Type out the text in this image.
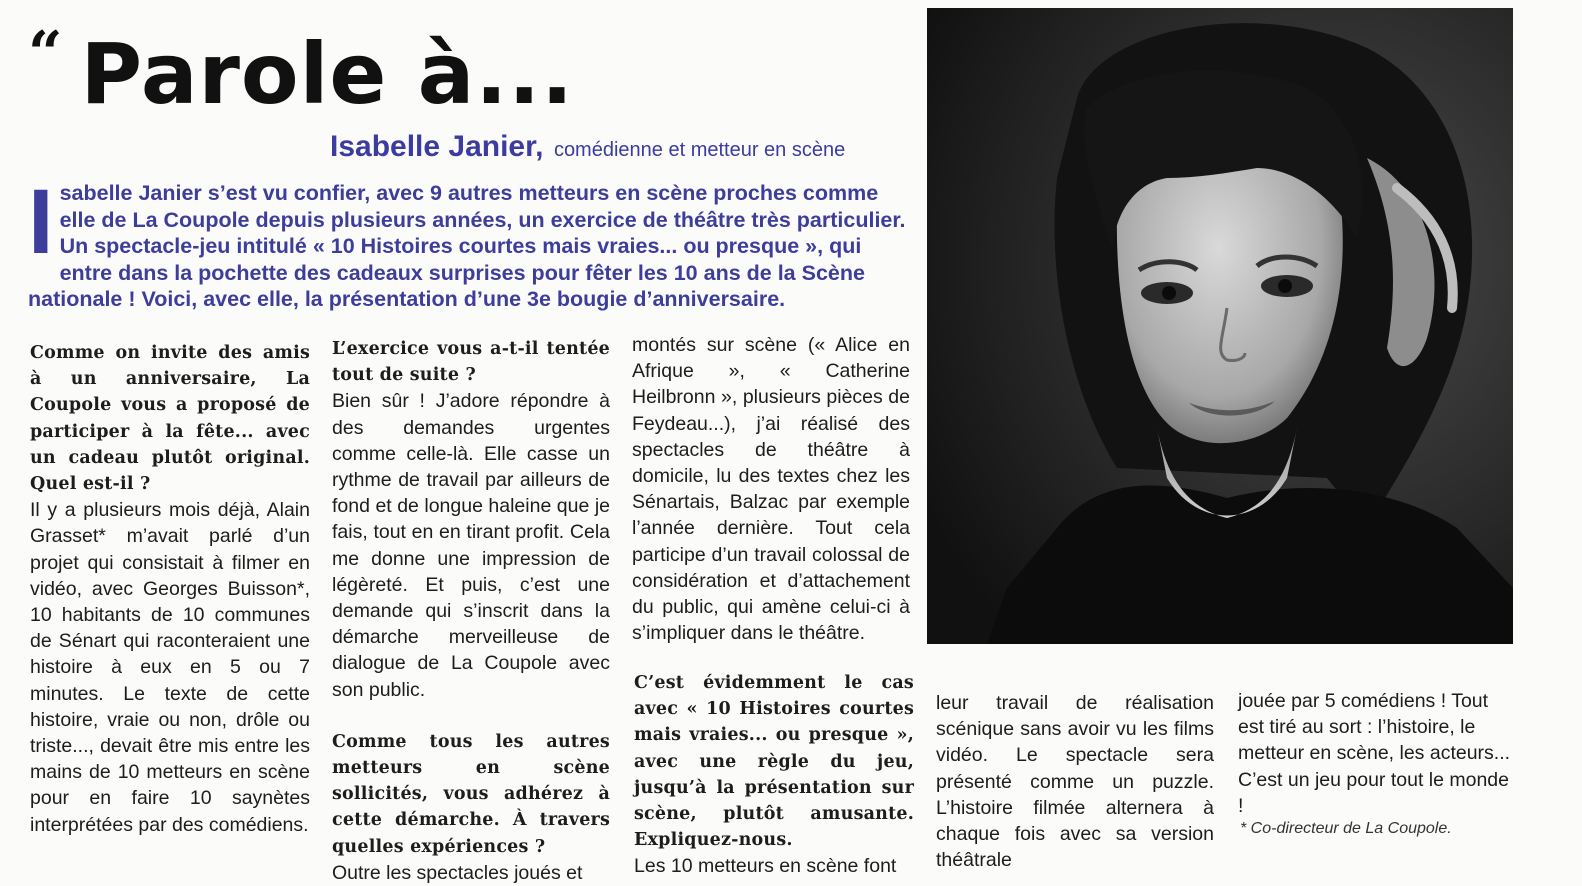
“ Parole à...
Isabelle Janier, comédienne et metteur en scène
I sabelle Janier s’est vu confier, avec 9 autres metteurs en scène proches comme elle de La Coupole depuis plusieurs années, un exercice de théâtre très particulier. Un spectacle-jeu intitulé « 10 Histoires courtes mais vraies... ou presque », qui entre dans la pochette des cadeaux surprises pour fêter les 10 ans de la Scène nationale ! Voici, avec elle, la présentation d’une 3e bougie d’anniversaire.

Comme on invite des amis à un anniversaire, La Coupole vous a proposé de participer à la fête... avec un cadeau plutôt original. Quel est-il ?

Il y a plusieurs mois déjà, Alain Grasset* m’avait parlé d’un projet qui consistait à filmer en vidéo, avec Georges Buisson*, 10 habitants de 10 communes de Sénart qui raconteraient une histoire à eux en 5 ou 7 minutes. Le texte de cette histoire, vraie ou non, drôle ou triste..., devait être mis entre les mains de 10 metteurs en scène pour en faire 10 saynètes interprétées par des comédiens.

L’exercice vous a-t-il tentée tout de suite ?

Bien sûr ! J’adore répondre à des demandes urgentes comme celle-là. Elle casse un rythme de travail par ailleurs de fond et de longue haleine que je fais, tout en en tirant profit. Cela me donne une impression de légèreté. Et puis, c’est une demande qui s’inscrit dans la démarche merveilleuse de dialogue de La Coupole avec son public.

Comme tous les autres metteurs en scène sollicités, vous adhérez à cette démarche. À travers quelles expériences ?

Outre les spectacles joués et

montés sur scène (« Alice en Afrique », « Catherine Heilbronn », plusieurs pièces de Feydeau...), j’ai réalisé des spectacles de théâtre à domicile, lu des textes chez les Sénartais, Balzac par exemple l’année dernière. Tout cela participe d’un travail colossal de considération et d’attachement du public, qui amène celui-ci à s’impliquer dans le théâtre.

C’est évidemment le cas avec « 10 Histoires courtes mais vraies... ou presque », avec une règle du jeu, jusqu’à la présentation sur scène, plutôt amusante. Expliquez-nous.

Les 10 metteurs en scène font

leur travail de réalisation scénique sans avoir vu les films vidéo. Le spectacle sera présenté comme un puzzle. L’histoire filmée alternera à chaque fois avec sa version théâtrale

jouée par 5 comédiens ! Tout est tiré au sort : l’histoire, le metteur en scène, les acteurs... C’est un jeu pour tout le monde !

* Co-directeur de La Coupole.
